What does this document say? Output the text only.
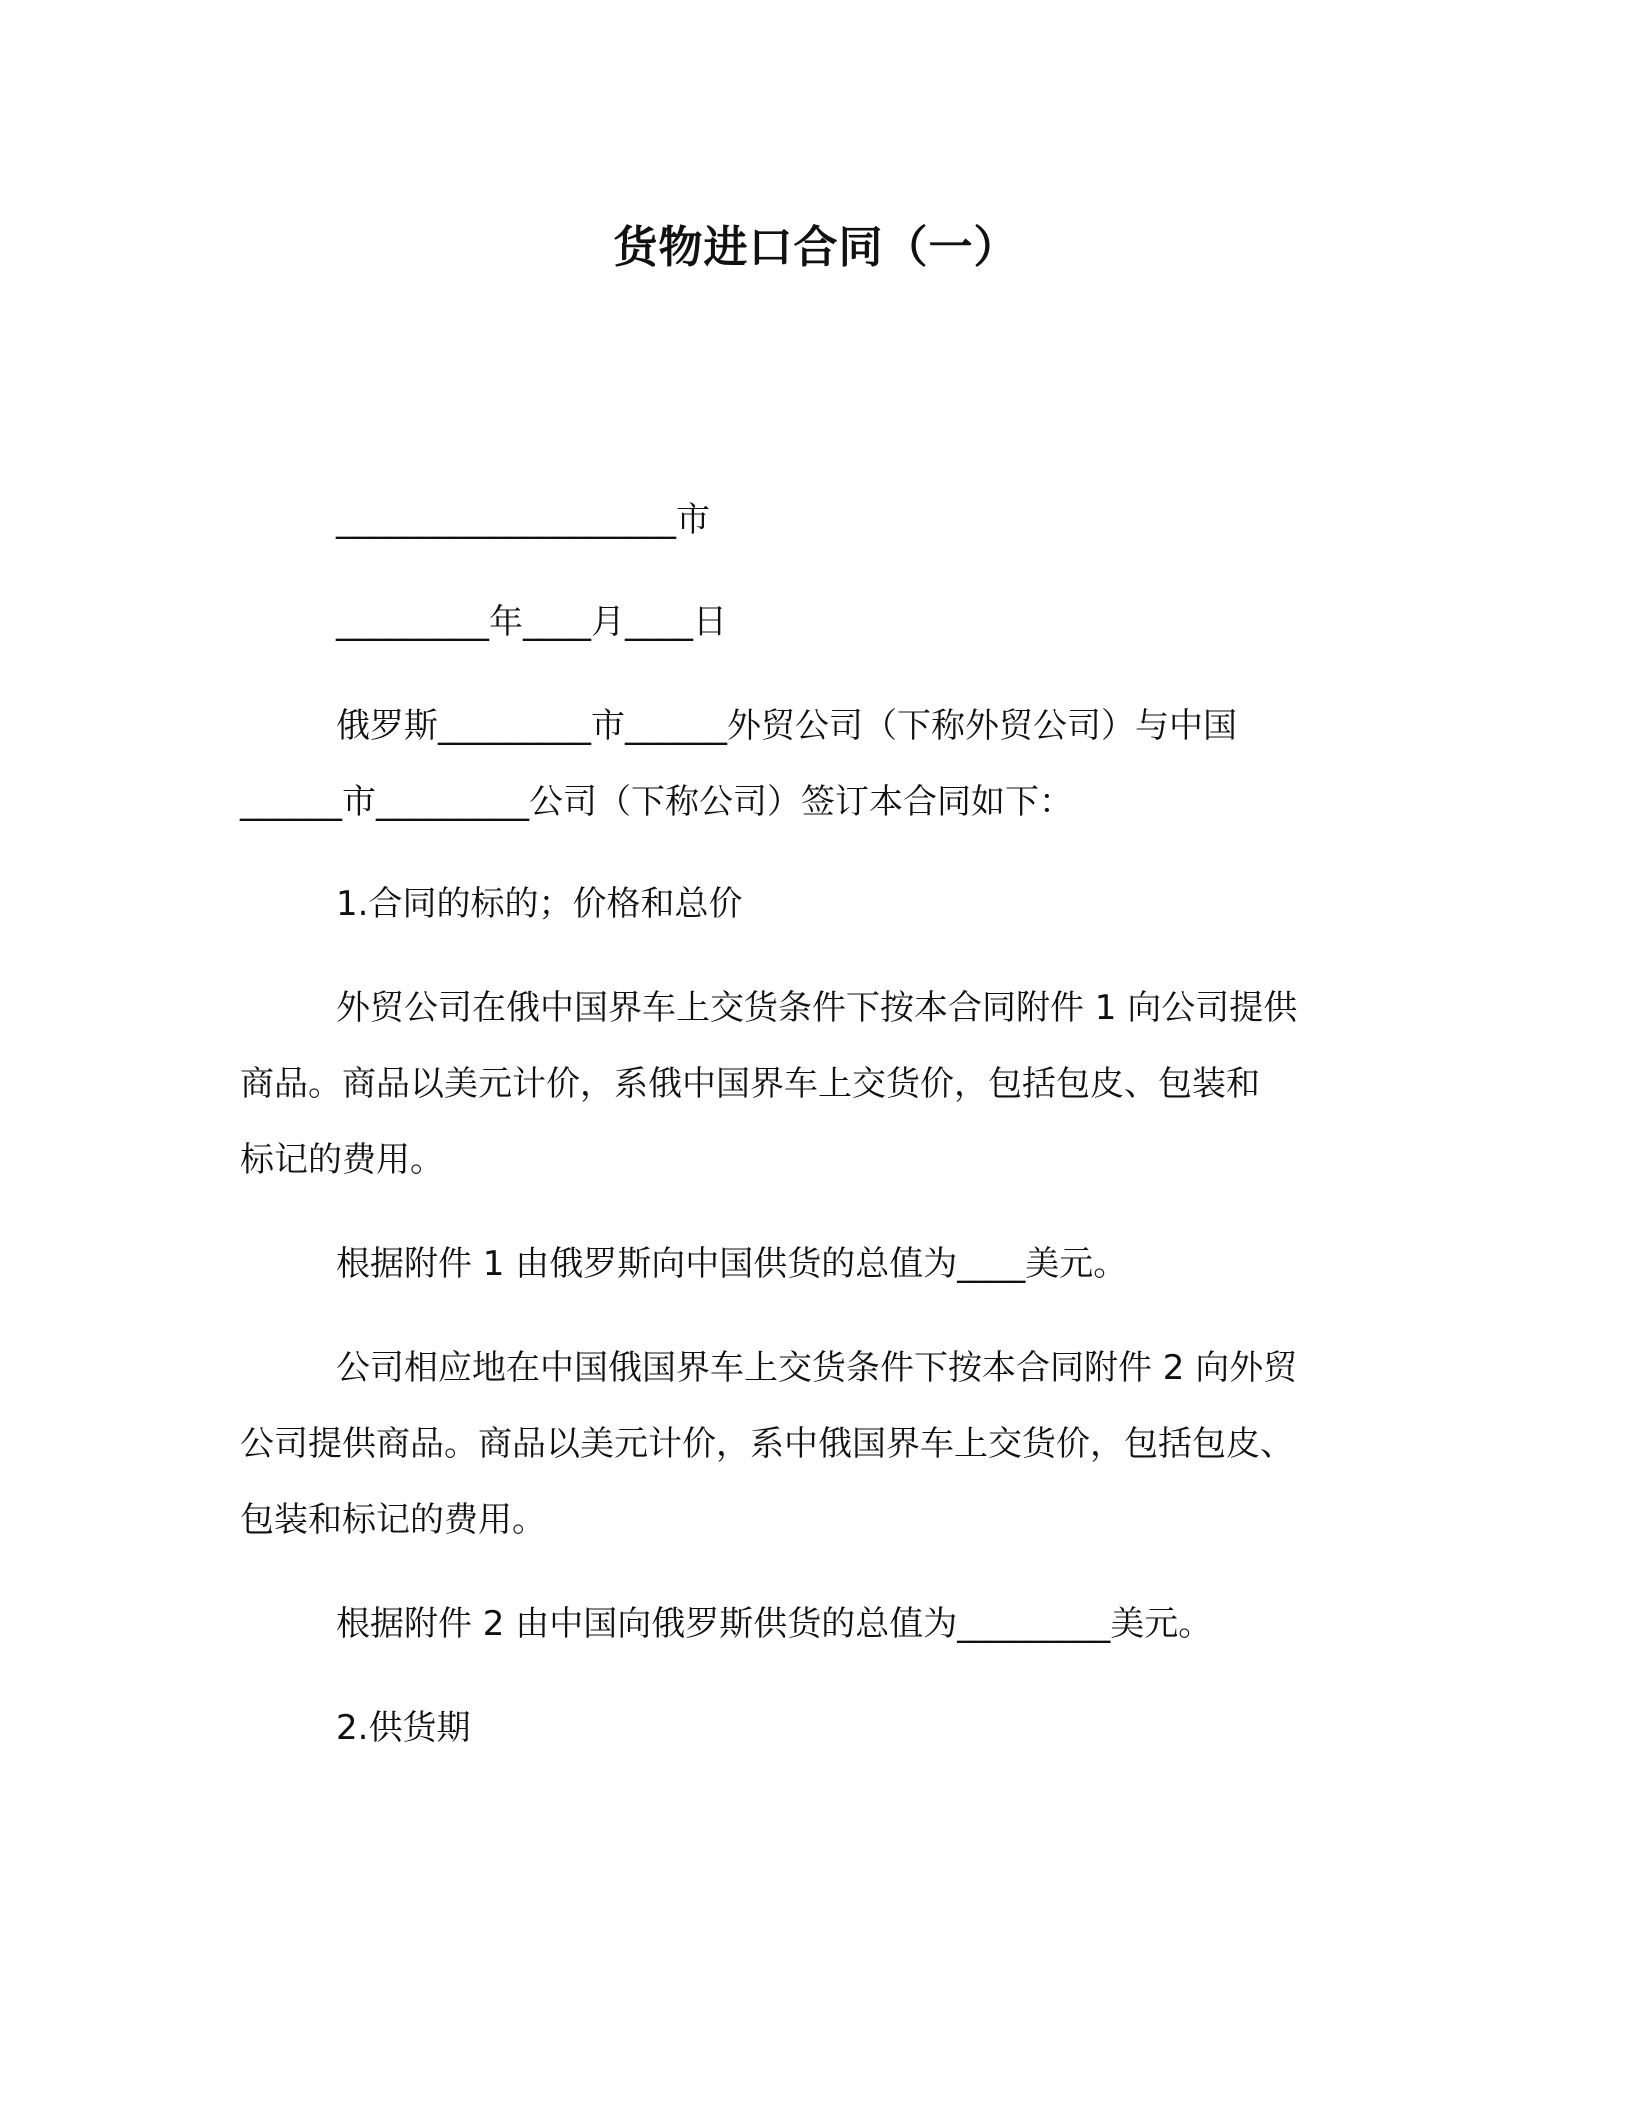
货物进口合同（一）
____________________市
_________年____月____日
俄罗斯_________市______外贸公司（下称外贸公司）与中国
______市_________公司（下称公司）签订本合同如下：
1.合同的标的；价格和总价
外贸公司在俄中国界车上交货条件下按本合同附件 1 向公司提供
商品。商品以美元计价，系俄中国界车上交货价，包括包皮、包装和
标记的费用。
根据附件 1 由俄罗斯向中国供货的总值为____美元。
公司相应地在中国俄国界车上交货条件下按本合同附件 2 向外贸
公司提供商品。商品以美元计价，系中俄国界车上交货价，包括包皮、
包装和标记的费用。
根据附件 2 由中国向俄罗斯供货的总值为_________美元。
2.供货期
